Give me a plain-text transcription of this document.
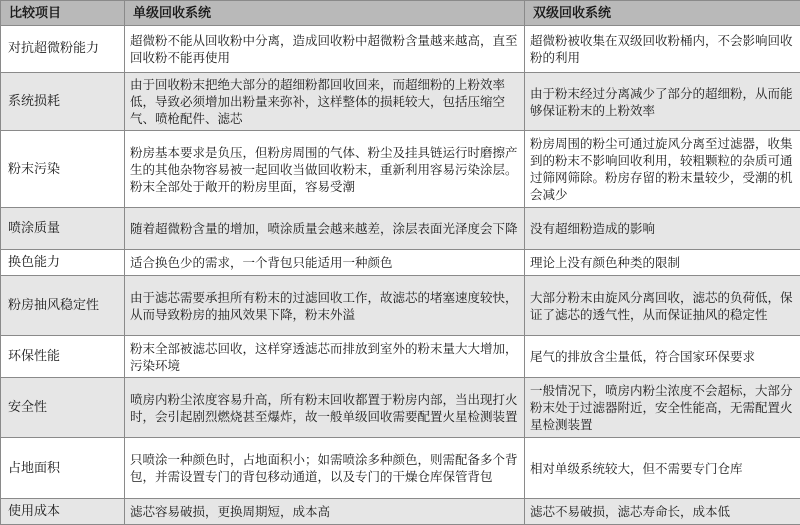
比较项目	单级回收系统	双级回收系统
对抗超微粉能力	超微粉不能从回收粉中分离，造成回收粉中超微粉含量越来越高，直至回收粉不能再使用	超微粉被收集在双级回收粉桶内，不会影响回收粉的利用
系统损耗	由于回收粉末把绝大部分的超细粉都回收回来，而超细粉的上粉效率低，导致必须增加出粉量来弥补，这样整体的损耗较大，包括压缩空气、喷枪配件、滤芯	由于粉末经过分离减少了部分的超细粉，从而能够保证粉末的上粉效率
粉末污染	粉房基本要求是负压，但粉房周围的气体、粉尘及挂具链运行时磨擦产生的其他杂物容易被一起回收当做回收粉末，重新利用容易污染涂层。粉末全部处于敞开的粉房里面，容易受潮	粉房周围的粉尘可通过旋风分离至过滤器，收集到的粉末不影响回收利用，较粗颗粒的杂质可通过筛网筛除。粉房存留的粉末量较少，受潮的机会减少
喷涂质量	随着超微粉含量的增加，喷涂质量会越来越差，涂层表面光泽度会下降	没有超细粉造成的影响
换色能力	适合换色少的需求，一个背包只能适用一种颜色	理论上没有颜色种类的限制
粉房抽风稳定性	由于滤芯需要承担所有粉末的过滤回收工作，故滤芯的堵塞速度较快，从而导致粉房的抽风效果下降，粉末外溢	大部分粉末由旋风分离回收，滤芯的负荷低，保证了滤芯的透气性，从而保证抽风的稳定性
环保性能	粉末全部被滤芯回收，这样穿透滤芯而排放到室外的粉末量大大增加，污染环境	尾气的排放含尘量低，符合国家环保要求
安全性	喷房内粉尘浓度容易升高，所有粉末回收都置于粉房内部，当出现打火时，会引起剧烈燃烧甚至爆炸，故一般单级回收需要配置火星检测装置	一般情况下，喷房内粉尘浓度不会超标，大部分粉末处于过滤器附近，安全性能高，无需配置火星检测装置
占地面积	只喷涂一种颜色时，占地面积小；如需喷涂多种颜色，则需配备多个背包，并需设置专门的背包移动通道，以及专门的干燥仓库保管背包	相对单级系统较大，但不需要专门仓库
使用成本	滤芯容易破损，更换周期短，成本高	滤芯不易破损，滤芯寿命长，成本低
